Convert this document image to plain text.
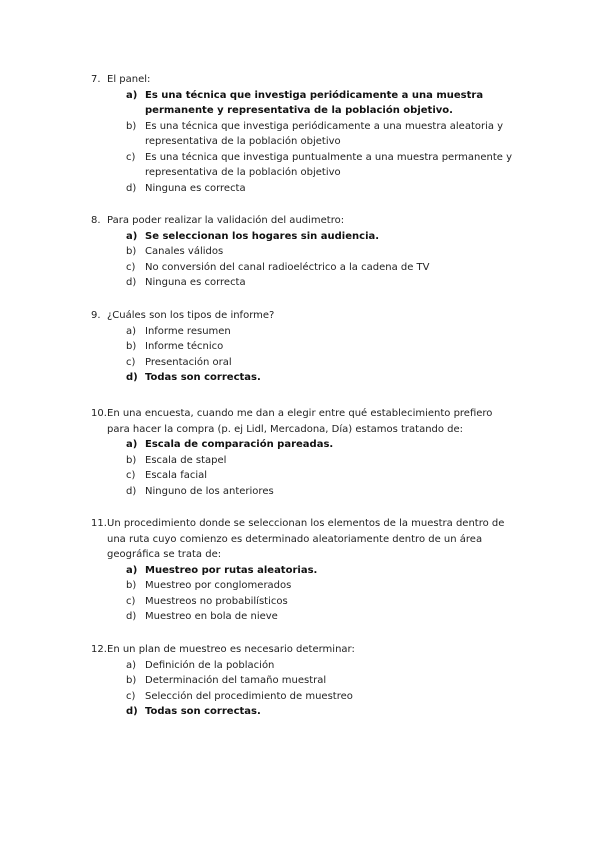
7. El panel:
a) Es una técnica que investiga periódicamente a una muestra permanente y representativa de la población objetivo.
b) Es una técnica que investiga periódicamente a una muestra aleatoria y representativa de la población objetivo
c) Es una técnica que investiga puntualmente a una muestra permanente y representativa de la población objetivo
d) Ninguna es correcta
8. Para poder realizar la validación del audimetro:
a) Se seleccionan los hogares sin audiencia.
b) Canales válidos
c) No conversión del canal radioeléctrico a la cadena de TV
d) Ninguna es correcta
9. ¿Cuáles son los tipos de informe?
a) Informe resumen
b) Informe técnico
c) Presentación oral
d) Todas son correctas.
10. En una encuesta, cuando me dan a elegir entre qué establecimiento prefiero para hacer la compra (p. ej Lidl, Mercadona, Día) estamos tratando de:
a) Escala de comparación pareadas.
b) Escala de stapel
c) Escala facial
d) Ninguno de los anteriores
11. Un procedimiento donde se seleccionan los elementos de la muestra dentro de una ruta cuyo comienzo es determinado aleatoriamente dentro de un área geográfica se trata de:
a) Muestreo por rutas aleatorias.
b) Muestreo por conglomerados
c) Muestreos no probabilísticos
d) Muestreo en bola de nieve
12. En un plan de muestreo es necesario determinar:
a) Definición de la población
b) Determinación del tamaño muestral
c) Selección del procedimiento de muestreo
d) Todas son correctas.
